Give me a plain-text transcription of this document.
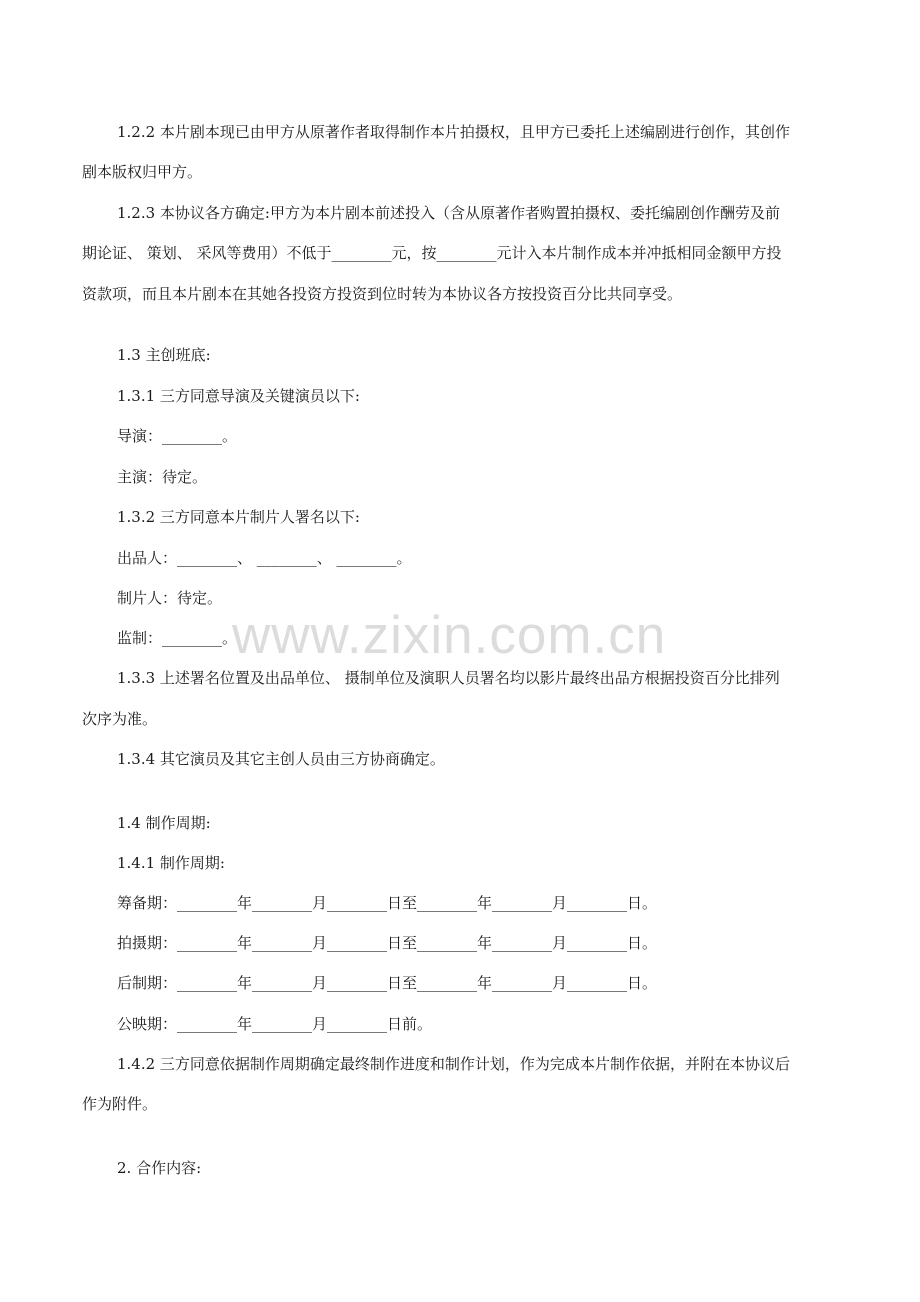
1.2.2 本片剧本现已由甲方从原著作者取得制作本片拍摄权，且甲方已委托上述编剧进行创作，其创作

剧本版权归甲方。

1.2.3 本协议各方确定:甲方为本片剧本前述投入（含从原著作者购置拍摄权、委托编剧创作酬劳及前

期论证、 策划、 采风等费用）不低于________元，按________元计入本片制作成本并冲抵相同金额甲方投

资款项，而且本片剧本在其她各投资方投资到位时转为本协议各方按投资百分比共同享受。

1.3 主创班底:

1.3.1 三方同意导演及关键演员以下:

导演：________。

主演：待定。

1.3.2 三方同意本片制片人署名以下:

出品人：________、 ________、 ________。

制片人：待定。

监制：________。

1.3.3 上述署名位置及出品单位、 摄制单位及演职人员署名均以影片最终出品方根据投资百分比排列

次序为准。

1.3.4 其它演员及其它主创人员由三方协商确定。

1.4 制作周期:

1.4.1 制作周期:

筹备期：________年________月________日至________年________月________日。

拍摄期：________年________月________日至________年________月________日。

后制期：________年________月________日至________年________月________日。

公映期：________年________月________日前。

1.4.2 三方同意依据制作周期确定最终制作进度和制作计划，作为完成本片制作依据，并附在本协议后

作为附件。

2. 合作内容:

www.zixin.com.cn
